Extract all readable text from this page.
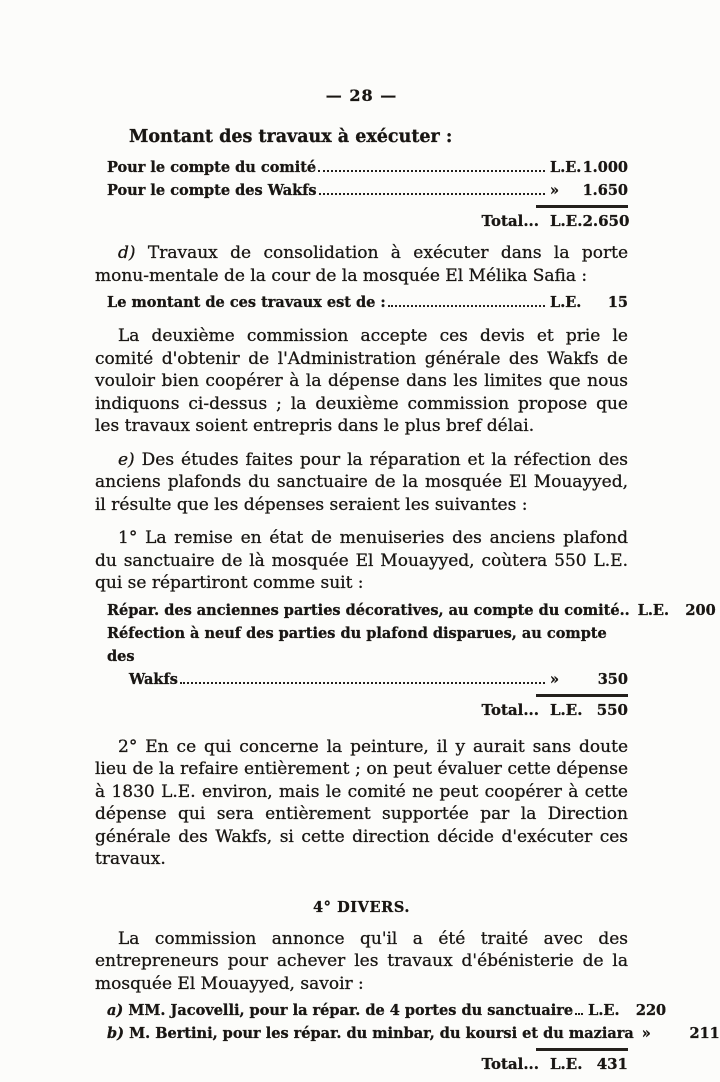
— 28 —
Montant des travaux à exécuter :
Pour le compte du comité	L.E. 1.000
Pour le compte des Wakfs	» 1.650
Total... L.E. 2.650

d) Travaux de consolidation à exécuter dans la porte monu-mentale de la cour de la mosquée El Mélika Safia :

Le montant de ces travaux est de :	L.E. 15

La deuxième commission accepte ces devis et prie le comité d'obtenir de l'Administration générale des Wakfs de vouloir bien coopérer à la dépense dans les limites que nous indiquons ci-dessus ; la deuxième commission propose que les travaux soient entrepris dans le plus bref délai.

e) Des études faites pour la réparation et la réfection des anciens plafonds du sanctuaire de la mosquée El Mouayyed, il résulte que les dépenses seraient les suivantes :

1° La remise en état de menuiseries des anciens plafond du sanctuaire de là mosquée El Mouayyed, coùtera 550 L.E. qui se répartiront comme suit :

Répar. des anciennes parties décoratives, au compte du comité.. L.E. 200
Réfection à neuf des parties du plafond disparues, au compte des
Wakfs	»	350
Total... L.E. 550

2° En ce qui concerne la peinture, il y aurait sans doute lieu de la refaire entièrement ; on peut évaluer cette dépense à 1830 L.E. environ, mais le comité ne peut coopérer à cette dépense qui sera entièrement supportée par la Direction générale des Wakfs, si cette direction décide d'exécuter ces travaux.

4° DIVERS.

La commission annonce qu'il a été traité avec des entrepreneurs pour achever les travaux d'ébénisterie de la mosquée El Mouayyed, savoir :

a) MM. Jacovelli, pour la répar. de 4 portes du sanctuaire L.E. 220
b) M. Bertini, pour les répar. du minbar, du koursi et du maziara »	211
Total... L.E. 431
